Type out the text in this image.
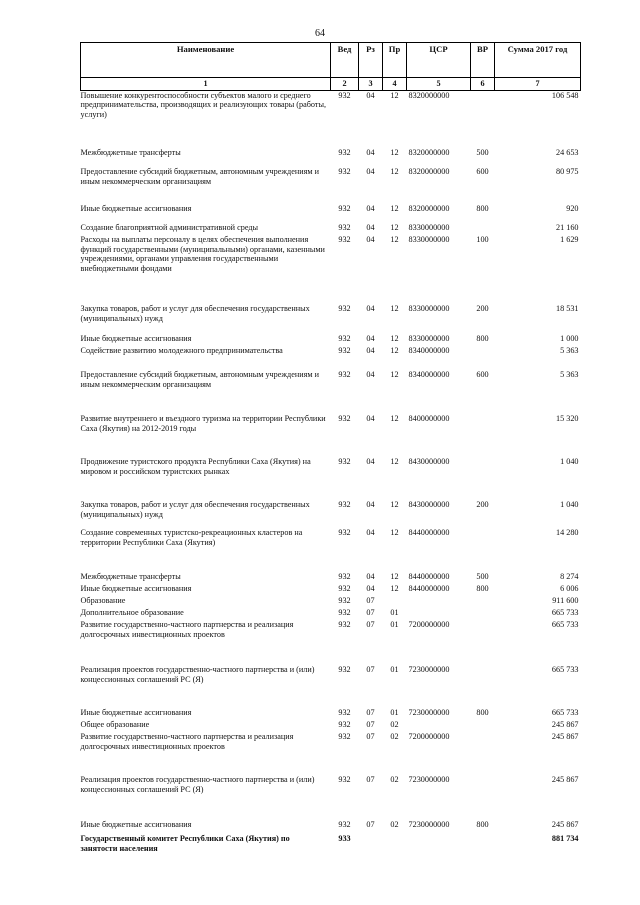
64
Наименование	Вед	Рз	Пр	ЦСР	ВР	Сумма 2017 год
1	2	3	4	5	6	7
Повышение конкурентоспособности субъектов малого и среднего предпринимательства, производящих и реализующих товары (работы, услуги)	932	04	12	8320000000		106 548
Межбюджетные трансферты	932	04	12	8320000000	500	24 653
Предоставление субсидий бюджетным, автономным учреждениям и иным некоммерческим организациям	932	04	12	8320000000	600	80 975
Иные бюджетные ассигнования	932	04	12	8320000000	800	920
Создание благоприятной административной среды	932	04	12	8330000000		21 160
Расходы на выплаты персоналу в целях обеспечения выполнения функций государственными (муниципальными) органами, казенными учреждениями, органами управления государственными внебюджетными фондами	932	04	12	8330000000	100	1 629
Закупка товаров, работ и услуг для обеспечения государственных (муниципальных) нужд	932	04	12	8330000000	200	18 531
Иные бюджетные ассигнования	932	04	12	8330000000	800	1 000
Содействие развитию молодежного предпринимательства	932	04	12	8340000000		5 363
Предоставление субсидий бюджетным, автономным учреждениям и иным некоммерческим организациям	932	04	12	8340000000	600	5 363
Развитие внутреннего и въездного туризма на территории Республики Саха (Якутия) на 2012-2019 годы	932	04	12	8400000000		15 320
Продвижение туристского продукта Республики Саха (Якутия) на мировом и российском туристских рынках	932	04	12	8430000000		1 040
Закупка товаров, работ и услуг для обеспечения государственных (муниципальных) нужд	932	04	12	8430000000	200	1 040
Создание современных туристско-рекреационных кластеров на территории Республики Саха (Якутия)	932	04	12	8440000000		14 280
Межбюджетные трансферты	932	04	12	8440000000	500	8 274
Иные бюджетные ассигнования	932	04	12	8440000000	800	6 006
Образование	932	07				911 600
Дополнительное образование	932	07	01			665 733
Развитие государственно-частного партнерства и реализация долгосрочных инвестиционных проектов	932	07	01	7200000000		665 733
Реализация проектов государственно-частного партнерства и (или) концессионных соглашений РС (Я)	932	07	01	7230000000		665 733
Иные бюджетные ассигнования	932	07	01	7230000000	800	665 733
Общее образование	932	07	02			245 867
Развитие государственно-частного партнерства и реализация долгосрочных инвестиционных проектов	932	07	02	7200000000		245 867
Реализация проектов государственно-частного партнерства и (или) концессионных соглашений РС (Я)	932	07	02	7230000000		245 867
Иные бюджетные ассигнования	932	07	02	7230000000	800	245 867
Государственный комитет Республики Саха (Якутия) по занятости населения	933					881 734
